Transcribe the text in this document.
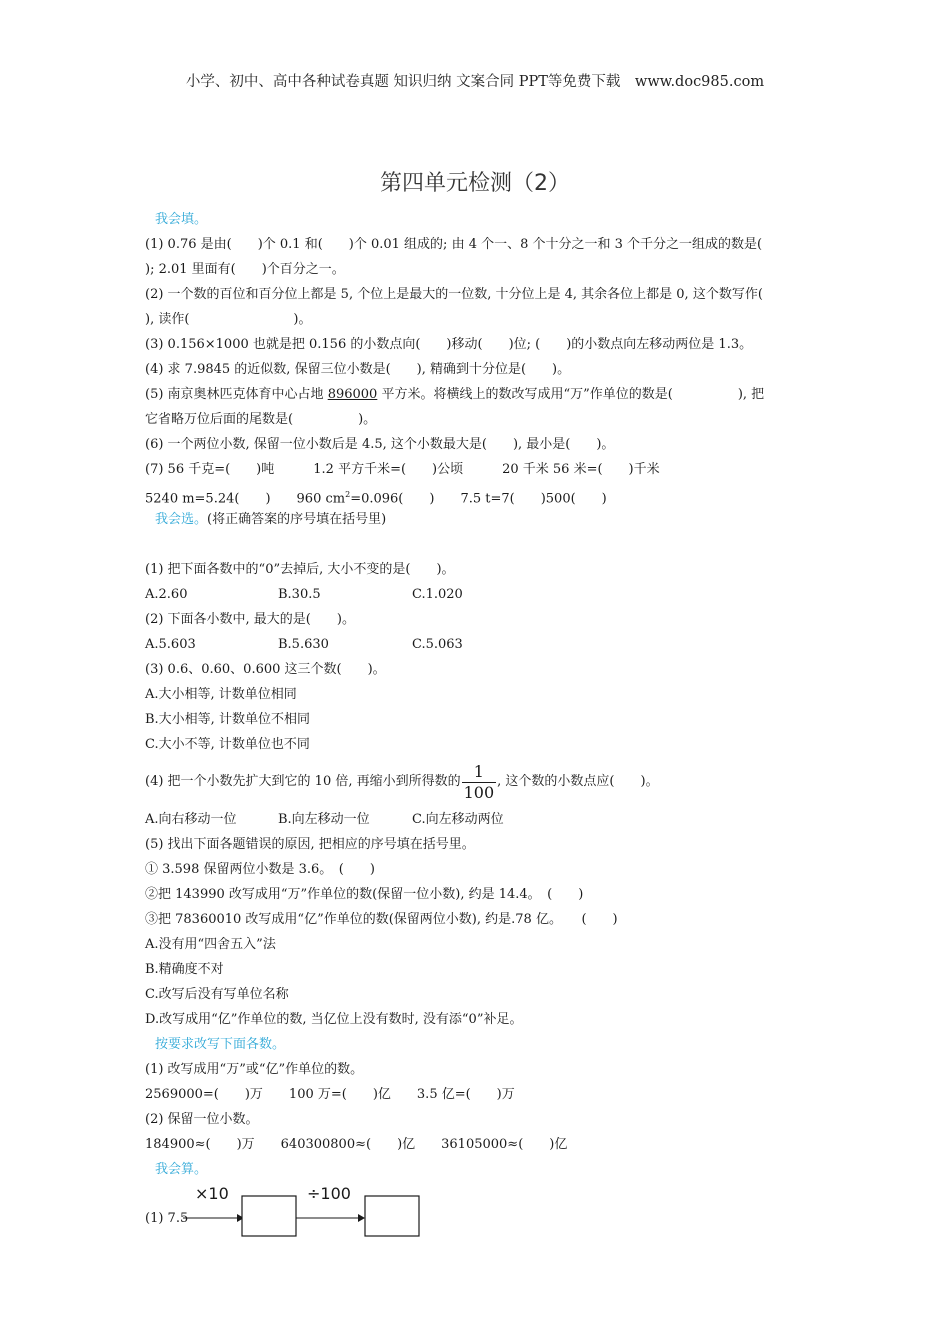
小学、初中、高中各种试卷真题 知识归纳 文案合同 PPT等免费下载　www.doc985.com
第四单元检测（2）
我会填。
(1) 0.76 是由(　　)个 0.1 和(　　)个 0.01 组成的; 由 4 个一、8 个十分之一和 3 个千分之一组成的数是(
); 2.01 里面有(　　)个百分之一。
(2) 一个数的百位和百分位上都是 5, 个位上是最大的一位数, 十分位上是 4, 其余各位上都是 0, 这个数写作(
), 读作(　　　　　　　　)。
(3) 0.156×1000 也就是把 0.156 的小数点向(　　)移动(　　)位; (　　)的小数点向左移动两位是 1.3。
(4) 求 7.9845 的近似数, 保留三位小数是(　　), 精确到十分位是(　　)。
(5) 南京奥林匹克体育中心占地 896000 平方米。将横线上的数改写成用“万”作单位的数是(　　　　　), 把
它省略万位后面的尾数是(　　　　　)。
(6) 一个两位小数, 保留一位小数后是 4.5, 这个小数最大是(　　), 最小是(　　)。
(7) 56 千克=(　　)吨　　　1.2 平方千米=(　　)公顷　　　20 千米 56 米=(　　)千米
5240 m=5.24(　　)　　960 $cm^2=0.096$(　　)　　7.5 t=7(　　)500(　　)
我会选。(将正确答案的序号填在括号里)
(1) 把下面各数中的“0”去掉后, 大小不变的是(　　)。
A.2.60	B.30.5	C.1.020
(2) 下面各小数中, 最大的是(　　)。
A.5.603	B.5.630	C.5.063
(3) 0.6、0.60、0.600 这三个数(　　)。
A.大小相等, 计数单位相同
B.大小相等, 计数单位不相同
C.大小不等, 计数单位也不同
(4) 把一个小数先扩大到它的 10 倍, 再缩小到所得数的 $\frac{1}{100}$ , 这个数的小数点应(　　)。
A.向右移动一位	B.向左移动一位	C.向左移动两位
(5) 找出下面各题错误的原因, 把相应的序号填在括号里。
① 3.598 保留两位小数是 3.6。　(　　)
②把 143990 改写成用“万”作单位的数(保留一位小数), 约是 14.4。　(　　)
③把 78360010 改写成用“亿”作单位的数(保留两位小数), 约是.78 亿。　　(　　)
A.没有用“四舍五入”法
B.精确度不对
C.改写后没有写单位名称
D.改写成用“亿”作单位的数, 当亿位上没有数时, 没有添“0”补足。
按要求改写下面各数。
(1) 改写成用“万”或“亿”作单位的数。
2569000=(　　)万　　100 万=(　　)亿　　3.5 亿=(　　)万
(2) 保留一位小数。
184900≈(　　)万　　640300800≈(　　)亿　　36105000≈(　　)亿
我会算。
(1) 7.5
×10	÷100
